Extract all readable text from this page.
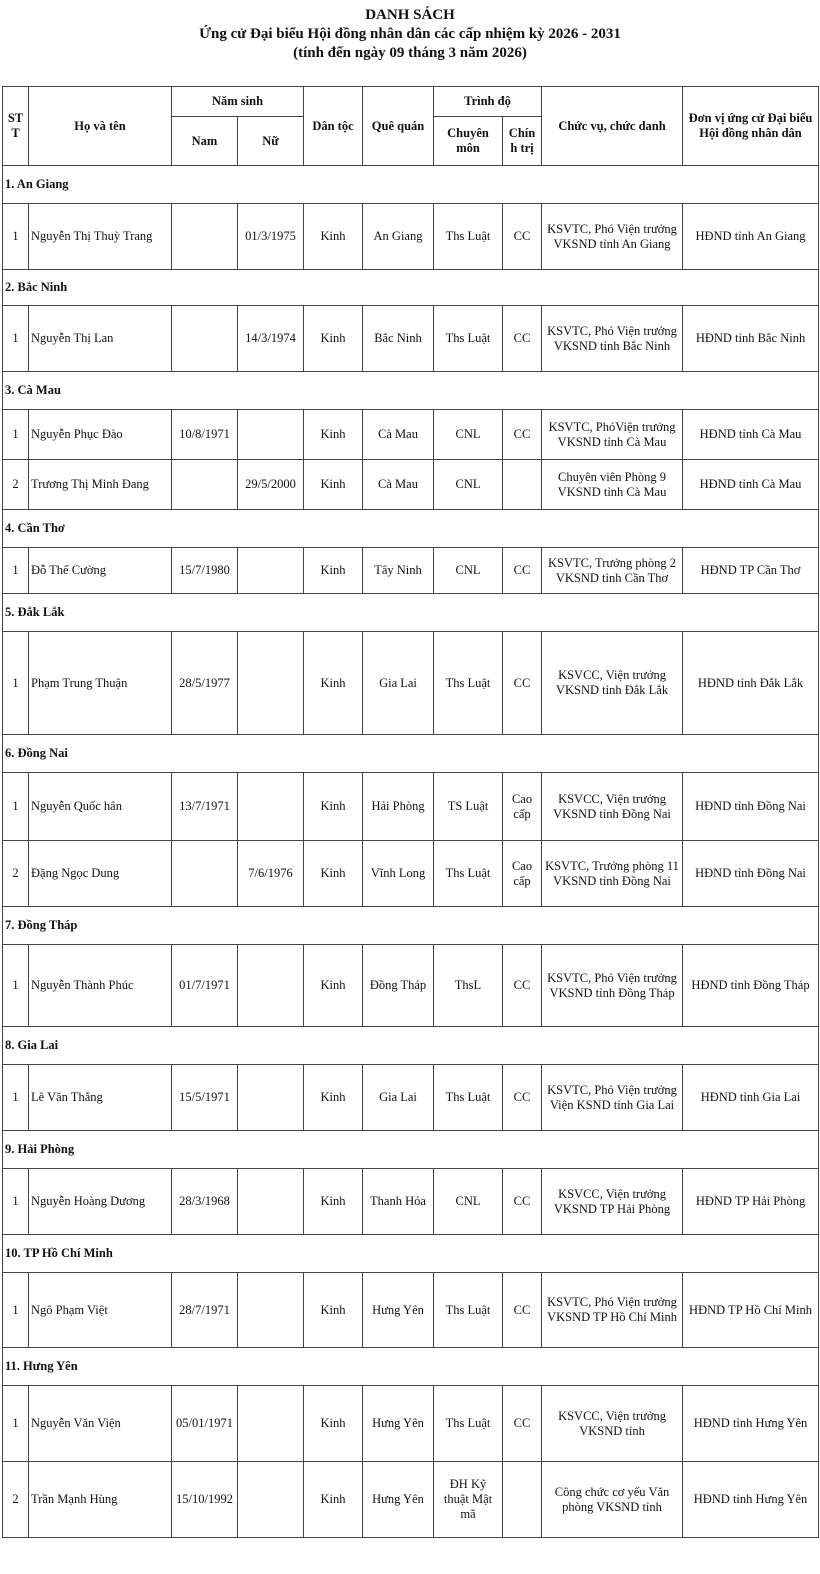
DANH SÁCH
Ứng cử Đại biểu Hội đồng nhân dân các cấp nhiệm kỳ 2026 - 2031
(tính đến ngày 09 tháng 3 năm 2026)
ST T	Họ và tên	Năm sinh		Dân tộc	Quê quán	Trình độ		Chức vụ, chức danh	Đơn vị ứng cử Đại biểu Hội đồng nhân dân
		Nam	Nữ			Chuyên môn	Chín h trị		
1. An Giang									
1	Nguyễn Thị Thuỳ Trang		01/3/1975	Kinh	An Giang	Ths Luật	CC	KSVTC, Phó Viện trưởng VKSND tỉnh An Giang	HĐND tỉnh An Giang
2. Bắc Ninh									
1	Nguyễn Thị Lan		14/3/1974	Kinh	Bắc Ninh	Ths Luật	CC	KSVTC, Phó Viện trưởng VKSND tỉnh Bắc Ninh	HĐND tỉnh Bắc Ninh
3. Cà Mau									
1	Nguyễn Phục Đào	10/8/1971		Kinh	Cà Mau	CNL	CC	KSVTC, PhóViện trưởng VKSND tỉnh Cà Mau	HĐND tỉnh Cà Mau
2	Trương Thị Minh Đang		29/5/2000	Kinh	Cà Mau	CNL		Chuyên viên Phòng 9 VKSND tỉnh Cà Mau	HĐND tỉnh Cà Mau
4. Cần Thơ									
1	Đỗ Thế Cường	15/7/1980		Kinh	Tây Ninh	CNL	CC	KSVTC, Trưởng phòng 2 VKSND tỉnh Cần Thơ	HĐND TP Cần Thơ
5. Đắk Lắk									
1	Phạm Trung Thuận	28/5/1977		Kinh	Gia Lai	Ths Luật	CC	KSVCC, Viện trưởng VKSND tỉnh Đắk Lắk	HĐND tỉnh Đắk Lắk
6. Đồng Nai									
1	Nguyễn Quốc hân	13/7/1971		Kinh	Hải Phòng	TS Luật	Cao cấp	KSVCC, Viện trưởng VKSND tỉnh Đồng Nai	HĐND tỉnh Đồng Nai
2	Đặng Ngọc Dung		7/6/1976	Kinh	Vĩnh Long	Ths Luật	Cao cấp	KSVTC, Trưởng phòng 11 VKSND tỉnh Đồng Nai	HĐND tỉnh Đồng Nai
7. Đồng Tháp									
1	Nguyễn Thành Phúc	01/7/1971		Kinh	Đồng Tháp	ThsL	CC	KSVTC, Phó Viện trưởng VKSND tỉnh Đồng Tháp	HĐND tỉnh Đồng Tháp
8. Gia Lai									
1	Lê Văn Thắng	15/5/1971		Kinh	Gia Lai	Ths Luật	CC	KSVTC, Phó Viện trưởng Viện KSND tỉnh Gia Lai	HĐND tỉnh Gia Lai
9. Hải Phòng									
1	Nguyễn Hoàng Dương	28/3/1968		Kinh	Thanh Hóa	CNL	CC	KSVCC, Viện trưởng VKSND TP Hải Phòng	HĐND TP Hải Phòng
10. TP Hồ Chí Minh									
1	Ngô Phạm Việt	28/7/1971		Kinh	Hưng Yên	Ths Luật	CC	KSVTC, Phó Viện trưởng VKSND TP Hồ Chí Minh	HĐND TP Hồ Chí Minh
11. Hưng Yên									
1	Nguyễn Văn Viện	05/01/1971		Kinh	Hưng Yên	Ths Luật	CC	KSVCC, Viện trưởng VKSND tỉnh	HĐND tỉnh Hưng Yên
2	Trần Mạnh Hùng	15/10/1992		Kinh	Hưng Yên	ĐH Kỹ thuật Mật mã		Công chức cơ yếu Văn phòng VKSND tỉnh	HĐND tỉnh Hưng Yên
